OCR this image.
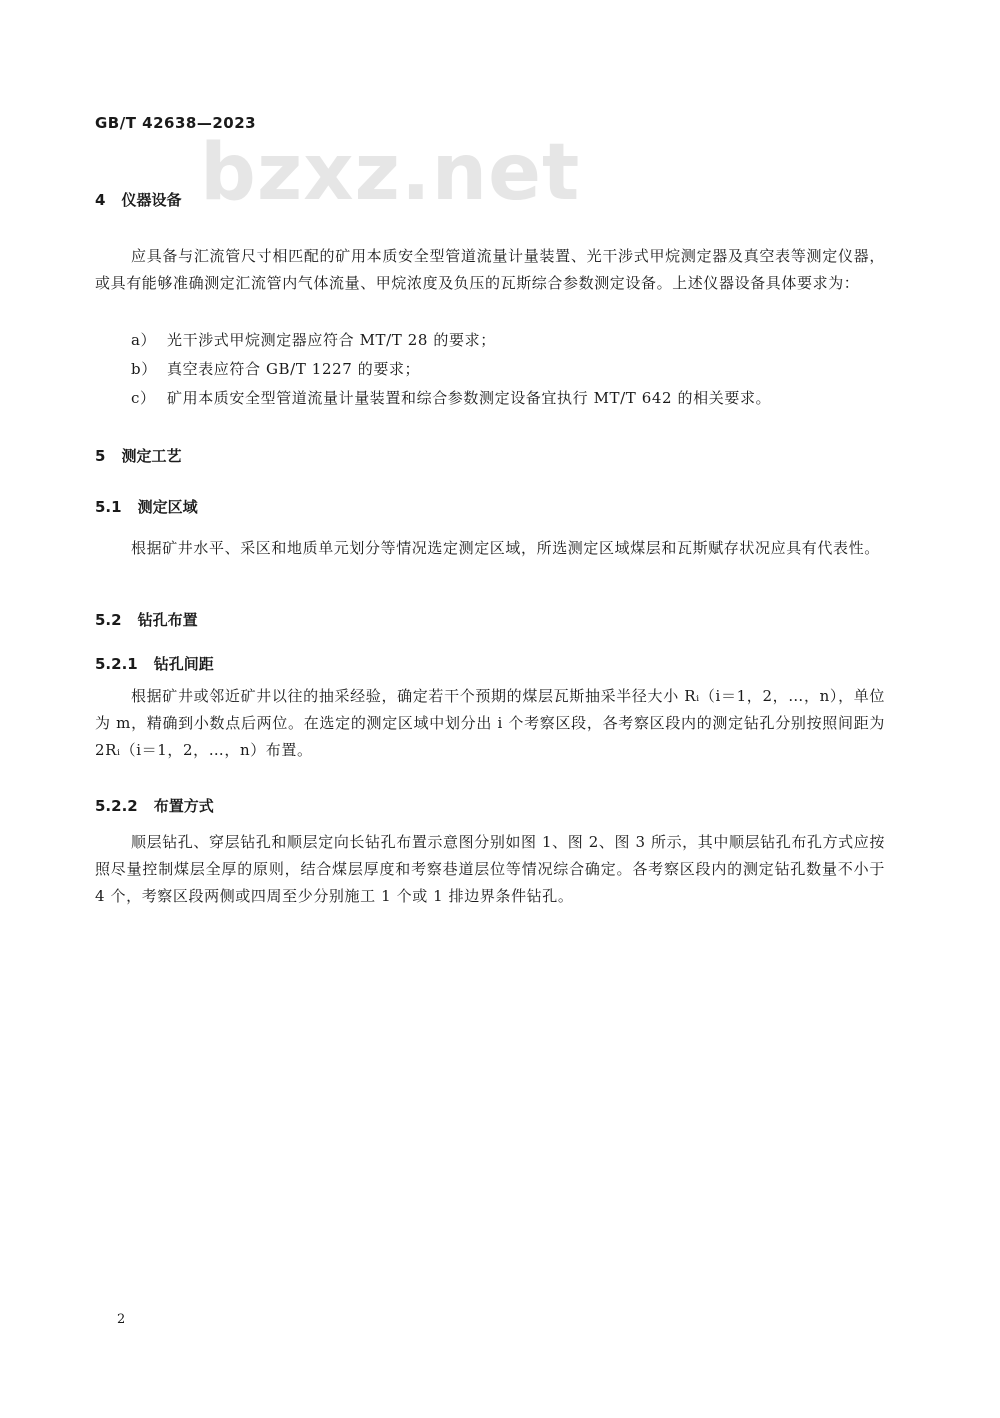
GB/T 42638—2023
bzxz.net
4 仪器设备
应具备与汇流管尺寸相匹配的矿用本质安全型管道流量计量装置、光干涉式甲烷测定器及真空表等测定仪器，或具有能够准确测定汇流管内气体流量、甲烷浓度及负压的瓦斯综合参数测定设备。上述仪器设备具体要求为：
a） 光干涉式甲烷测定器应符合 MT/T 28 的要求；
b） 真空表应符合 GB/T 1227 的要求；
c） 矿用本质安全型管道流量计量装置和综合参数测定设备宜执行 MT/T 642 的相关要求。
5 测定工艺
5.1 测定区域
根据矿井水平、采区和地质单元划分等情况选定测定区域，所选测定区域煤层和瓦斯赋存状况应具有代表性。
5.2 钻孔布置
5.2.1 钻孔间距
根据矿井或邻近矿井以往的抽采经验，确定若干个预期的煤层瓦斯抽采半径大小 Rᵢ（i＝1，2，…，n），单位为 m，精确到小数点后两位。在选定的测定区域中划分出 i 个考察区段，各考察区段内的测定钻孔分别按照间距为 2Rᵢ（i＝1，2，…，n）布置。
5.2.2 布置方式
顺层钻孔、穿层钻孔和顺层定向长钻孔布置示意图分别如图 1、图 2、图 3 所示，其中顺层钻孔布孔方式应按照尽量控制煤层全厚的原则，结合煤层厚度和考察巷道层位等情况综合确定。各考察区段内的测定钻孔数量不小于 4 个，考察区段两侧或四周至少分别施工 1 个或 1 排边界条件钻孔。
2
